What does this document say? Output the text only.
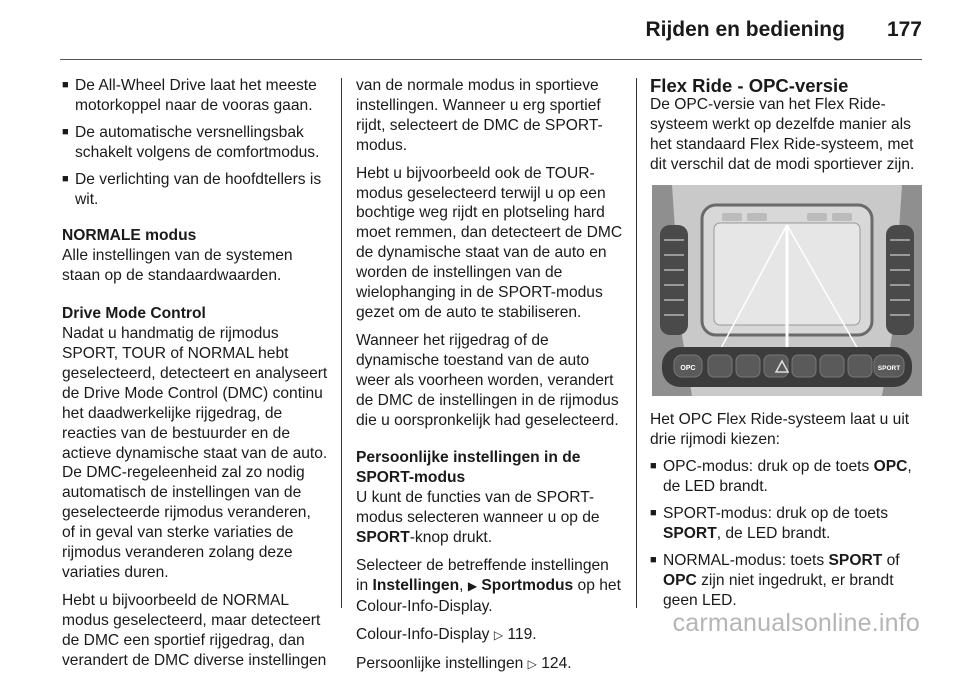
Rijden en bediening 177
■ De All-Wheel Drive laat het meeste motorkoppel naar de vooras gaan.
■ De automatische versnellingsbak schakelt volgens de comfortmodus.
■ De verlichting van de hoofdtellers is wit.

NORMALE modus

Alle instellingen van de systemen staan op de standaardwaarden.

Drive Mode Control

Nadat u handmatig de rijmodus SPORT, TOUR of NORMAL hebt geselecteerd, detecteert en analyseert de Drive Mode Control (DMC) continu het daadwerkelijke rijgedrag, de reacties van de bestuurder en de actieve dynamische staat van de auto. De DMC-regeleenheid zal zo nodig automatisch de instellingen van de geselecteerde rijmodus veranderen, of in geval van sterke variaties de rijmodus veranderen zolang deze variaties duren.

Hebt u bijvoorbeeld de NORMAL modus geselecteerd, maar detecteert de DMC een sportief rijgedrag, dan verandert de DMC diverse instellingen

van de normale modus in sportieve instellingen. Wanneer u erg sportief rijdt, selecteert de DMC de SPORT-modus.

Hebt u bijvoorbeeld ook de TOUR-modus geselecteerd terwijl u op een bochtige weg rijdt en plotseling hard moet remmen, dan detecteert de DMC de dynamische staat van de auto en worden de instellingen van de wielophanging in de SPORT-modus gezet om de auto te stabiliseren.

Wanneer het rijgedrag of de dynamische toestand van de auto weer als voorheen worden, verandert de DMC de instellingen in de rijmodus die u oorspronkelijk had geselecteerd.

Persoonlijke instellingen in de SPORT-modus

U kunt de functies van de SPORT-modus selecteren wanneer u op de SPORT-knop drukt.

Selecteer de betreffende instellingen in Instellingen, ▶ Sportmodus op het Colour-Info-Display.

Colour-Info-Display ▷ 119.

Persoonlijke instellingen ▷ 124.

Flex Ride - OPC-versie

De OPC-versie van het Flex Ride-systeem werkt op dezelfde manier als het standaard Flex Ride-systeem, met dit verschil dat de modi sportiever zijn.

OPC	SPORT

Het OPC Flex Ride-systeem laat u uit drie rijmodi kiezen:

■ OPC-modus: druk op de toets OPC, de LED brandt.
■ SPORT-modus: druk op de toets SPORT, de LED brandt.
■ NORMAL-modus: toets SPORT of OPC zijn niet ingedrukt, er brandt geen LED.
carmanualsonline.info
